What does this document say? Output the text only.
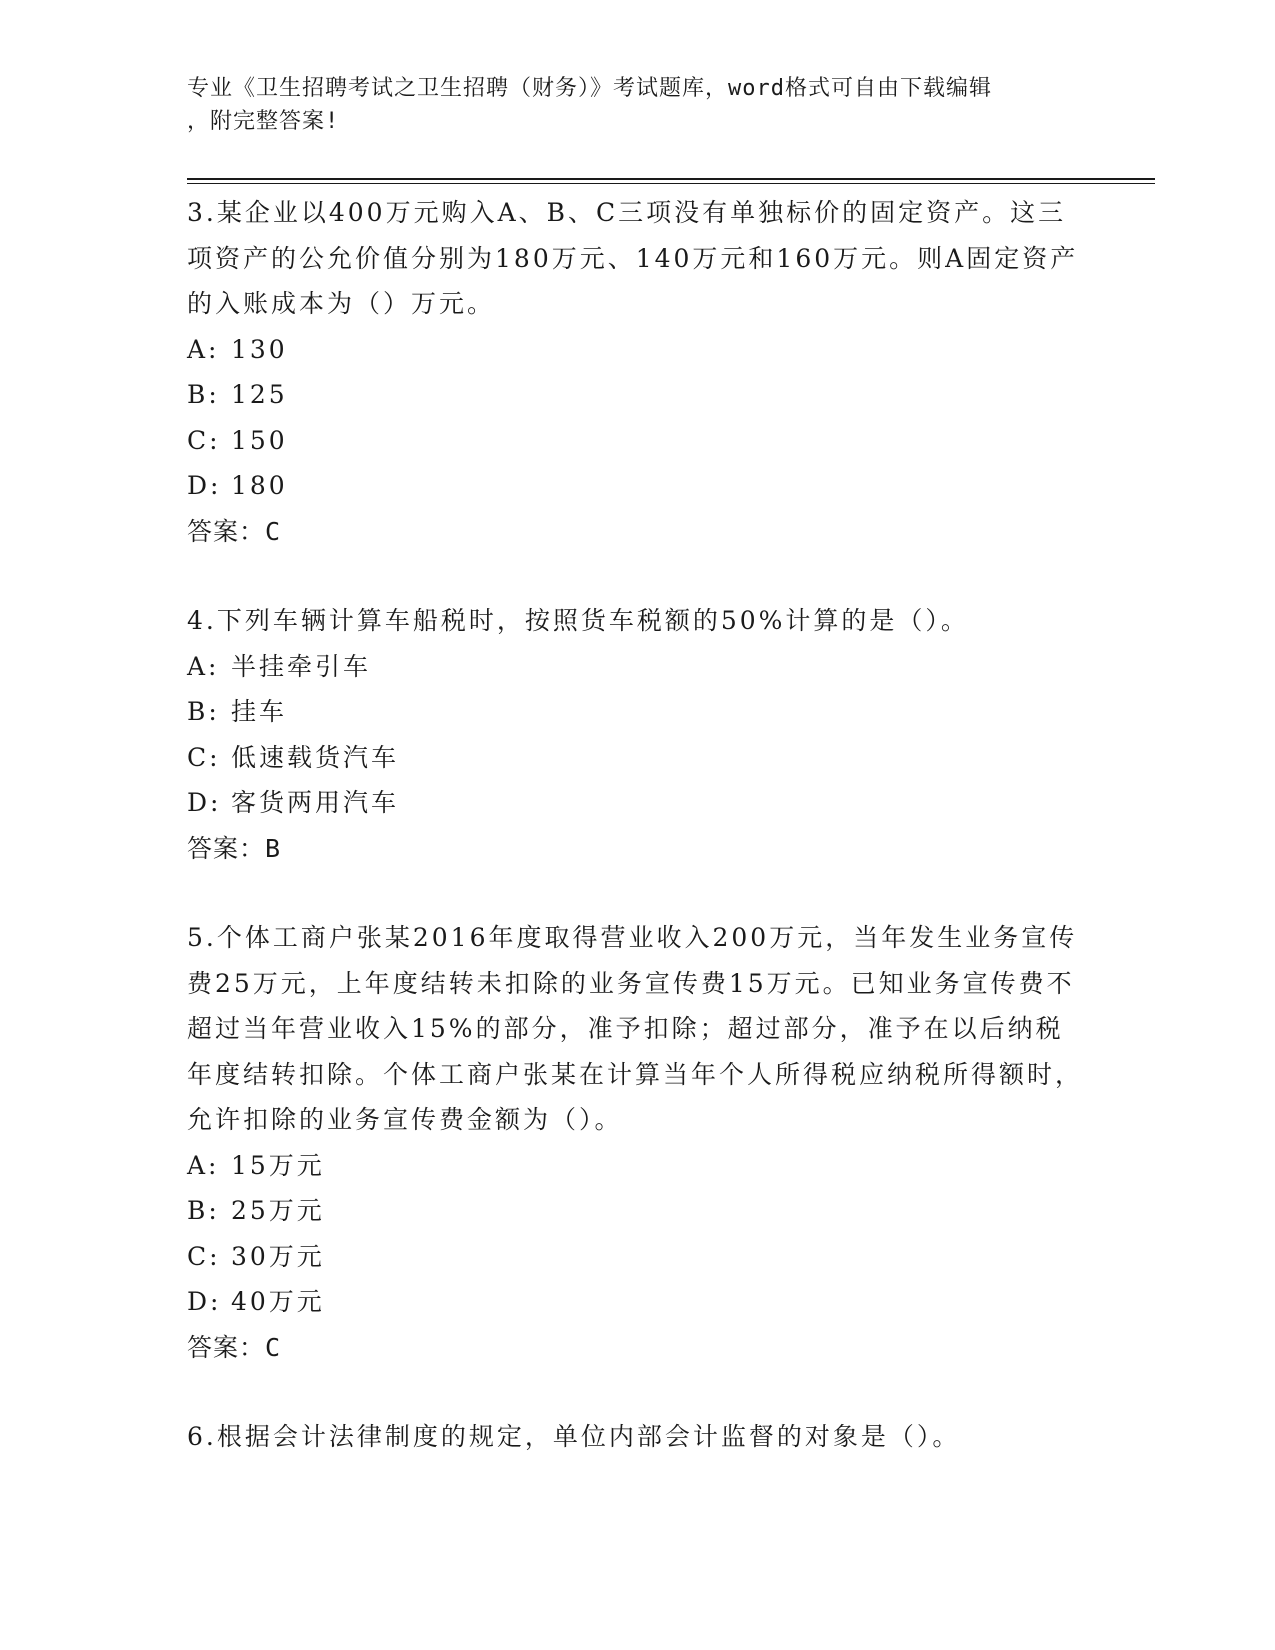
专业《卫生招聘考试之卫生招聘（财务）》考试题库，word格式可自由下载编辑
，附完整答案!
3.某企业以400万元购入A、B、C三项没有单独标价的固定资产。这三项资产的公允价值分别为180万元、140万元和160万元。则A固定资产的入账成本为（）万元。
A: 130
B: 125
C: 150
D: 180
答案：C
4.下列车辆计算车船税时，按照货车税额的50%计算的是（）。
A: 半挂牵引车
B: 挂车
C: 低速载货汽车
D: 客货两用汽车
答案：B
5.个体工商户张某2016年度取得营业收入200万元，当年发生业务宣传费25万元，上年度结转未扣除的业务宣传费15万元。已知业务宣传费不超过当年营业收入15%的部分，准予扣除；超过部分，准予在以后纳税年度结转扣除。个体工商户张某在计算当年个人所得税应纳税所得额时，允许扣除的业务宣传费金额为（）。
A: 15万元
B: 25万元
C: 30万元
D: 40万元
答案：C
6.根据会计法律制度的规定，单位内部会计监督的对象是（）。
